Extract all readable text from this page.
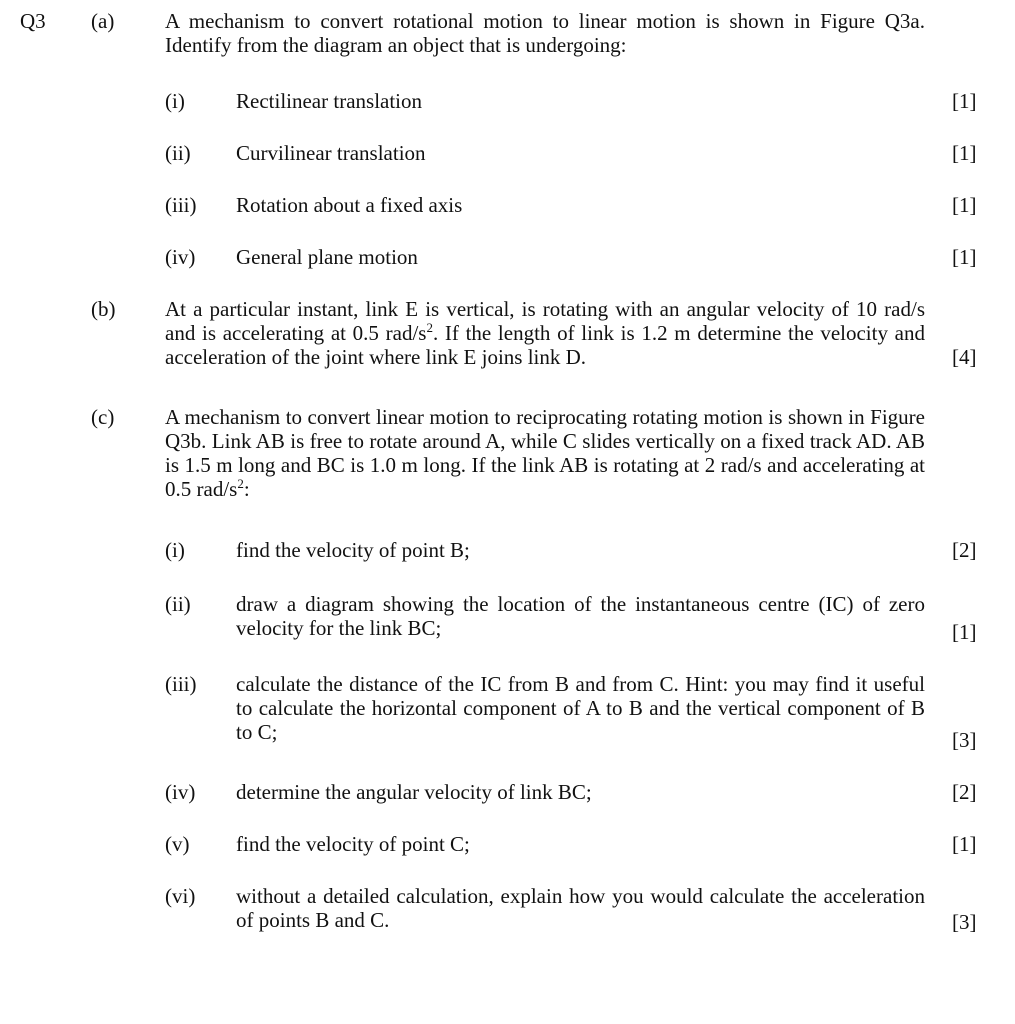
Q3 (a) A mechanism to convert rotational motion to linear motion is shown in Figure Q3a. Identify from the diagram an object that is undergoing:
(i) Rectilinear translation	[1]
(ii) Curvilinear translation	[1]
(iii) Rotation about a fixed axis	[1]
(iv) General plane motion	[1]
(b) At a particular instant, link E is vertical, is rotating with an angular velocity of 10 rad/s and is accelerating at 0.5 rad/$s^2$. If the length of link is 1.2 m determine the velocity and acceleration of the joint where link E joins link D.	[4]
(c) A mechanism to convert linear motion to reciprocating rotating motion is shown in Figure Q3b. Link AB is free to rotate around A, while C slides vertically on a fixed track AD. AB is 1.5 m long and BC is 1.0 m long. If the link AB is rotating at 2 rad/s and accelerating at 0.5 rad/$s^2$:
(i) find the velocity of point B;	[2]
(ii) draw a diagram showing the location of the instantaneous centre (IC) of zero velocity for the link BC;	[1]
(iii) calculate the distance of the IC from B and from C. Hint: you may find it useful to calculate the horizontal component of A to B and the vertical component of B to C;	[3]
(iv) determine the angular velocity of link BC;	[2]
(v) find the velocity of point C;	[1]
(vi) without a detailed calculation, explain how you would calculate the acceleration of points B and C.	[3]
